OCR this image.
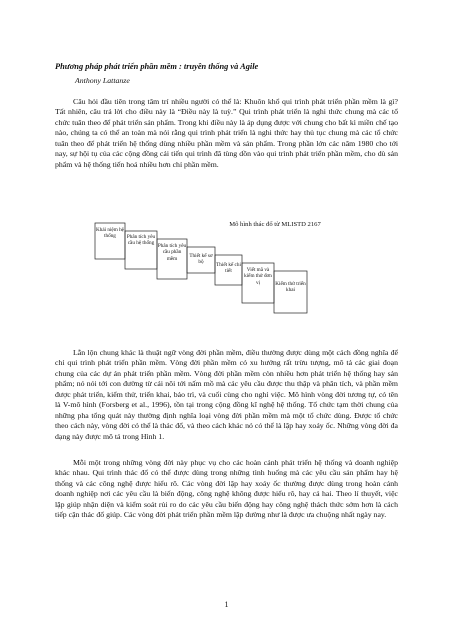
Phương pháp phát triển phần mềm : truyền thống và Agile
Anthony Lattanze

Câu hỏi đầu tiên trong tâm trí nhiều người có thể là: Khuôn khổ qui trình phát triển phần mềm là gì? Tất nhiên, câu trả lời cho điều này là “Điều này là tuỳ.” Qui trình phát triển là nghi thức chung mà các tổ chức tuân theo để phát triển sản phẩm. Trong khi điều này là áp dụng được với chung cho bất kì miền chế tạo nào, chúng ta có thể an toàn mà nói rằng qui trình phát triển là nghi thức hay thủ tục chung mà các tổ chức tuân theo để phát triển hệ thống dùng nhiều phần mềm và sản phẩm. Trong phần lớn các năm 1980 cho tới nay, sự hội tụ của các cộng đồng cải tiến qui trình đã tùng dồn vào qui trình phát triển phần mềm, cho dù sản phẩm và hệ thống tiến hoá nhiều hơn chỉ phần mềm.

Mô hình thác đổ từ MLISTD 2167
Khái niệm hệ thống	Phân tích yêu cầu hệ thống Phân tích yêu cầu phần mềm	Thiết kế sơ bộ	Thiết kế chi tiết	Viết mã và kiểm thử đơn vị	Kiểm thử triển khai

Lẫn lộn chung khác là thuật ngữ vòng đời phần mềm, điều thường được dùng một cách đồng nghĩa để chỉ qui trình phát triển phần mềm. Vòng đời phần mềm có xu hướng rất trừu tượng, mô tả các giai đoạn chung của các dự án phát triển phần mềm. Vòng đời phần mềm còn nhiều hơn phát triển hệ thống hay sản phẩm; nó nói tới con đường từ cái nôi tới nấm mồ mà các yêu cầu được thu thập và phân tích, và phần mềm được phát triển, kiểm thử, triển khai, bảo trì, và cuối cùng cho nghỉ việc. Mô hình vòng đời tương tự, có tên là V-mô hình (Forsberg et al., 1996), tồn tại trong cộng đồng kĩ nghệ hệ thống. Tổ chức tạm thời chung của những pha tổng quát này thường định nghĩa loại vòng đời phần mềm mà một tổ chức dùng. Được tổ chức theo cách này, vòng đời có thể là thác đổ, và theo cách khác nó có thể là lặp hay xoáy ốc. Những vòng đời đa dạng này được mô tả trong Hình 1.

Mỗi một trong những vòng đời này phục vụ cho các hoàn cảnh phát triển hệ thống và doanh nghiệp khác nhau. Qui trình thác đổ có thể được dùng trong những tình huống mà các yêu cầu sản phẩm hay hệ thống và các công nghệ được hiểu rõ. Các vòng đời lặp hay xoáy ốc thường được dùng trong hoàn cảnh doanh nghiệp nơi các yêu cầu là biến động, công nghệ không được hiểu rõ, hay cả hai. Theo lí thuyết, việc lặp giúp nhận diện và kiểm soát rủi ro do các yêu cầu biến động hay công nghệ thách thức sớm hơn là cách tiếp cận thác đổ giúp. Các vòng đời phát triển phần mềm lặp đường như là được ưa chuộng nhất ngày nay.

1
